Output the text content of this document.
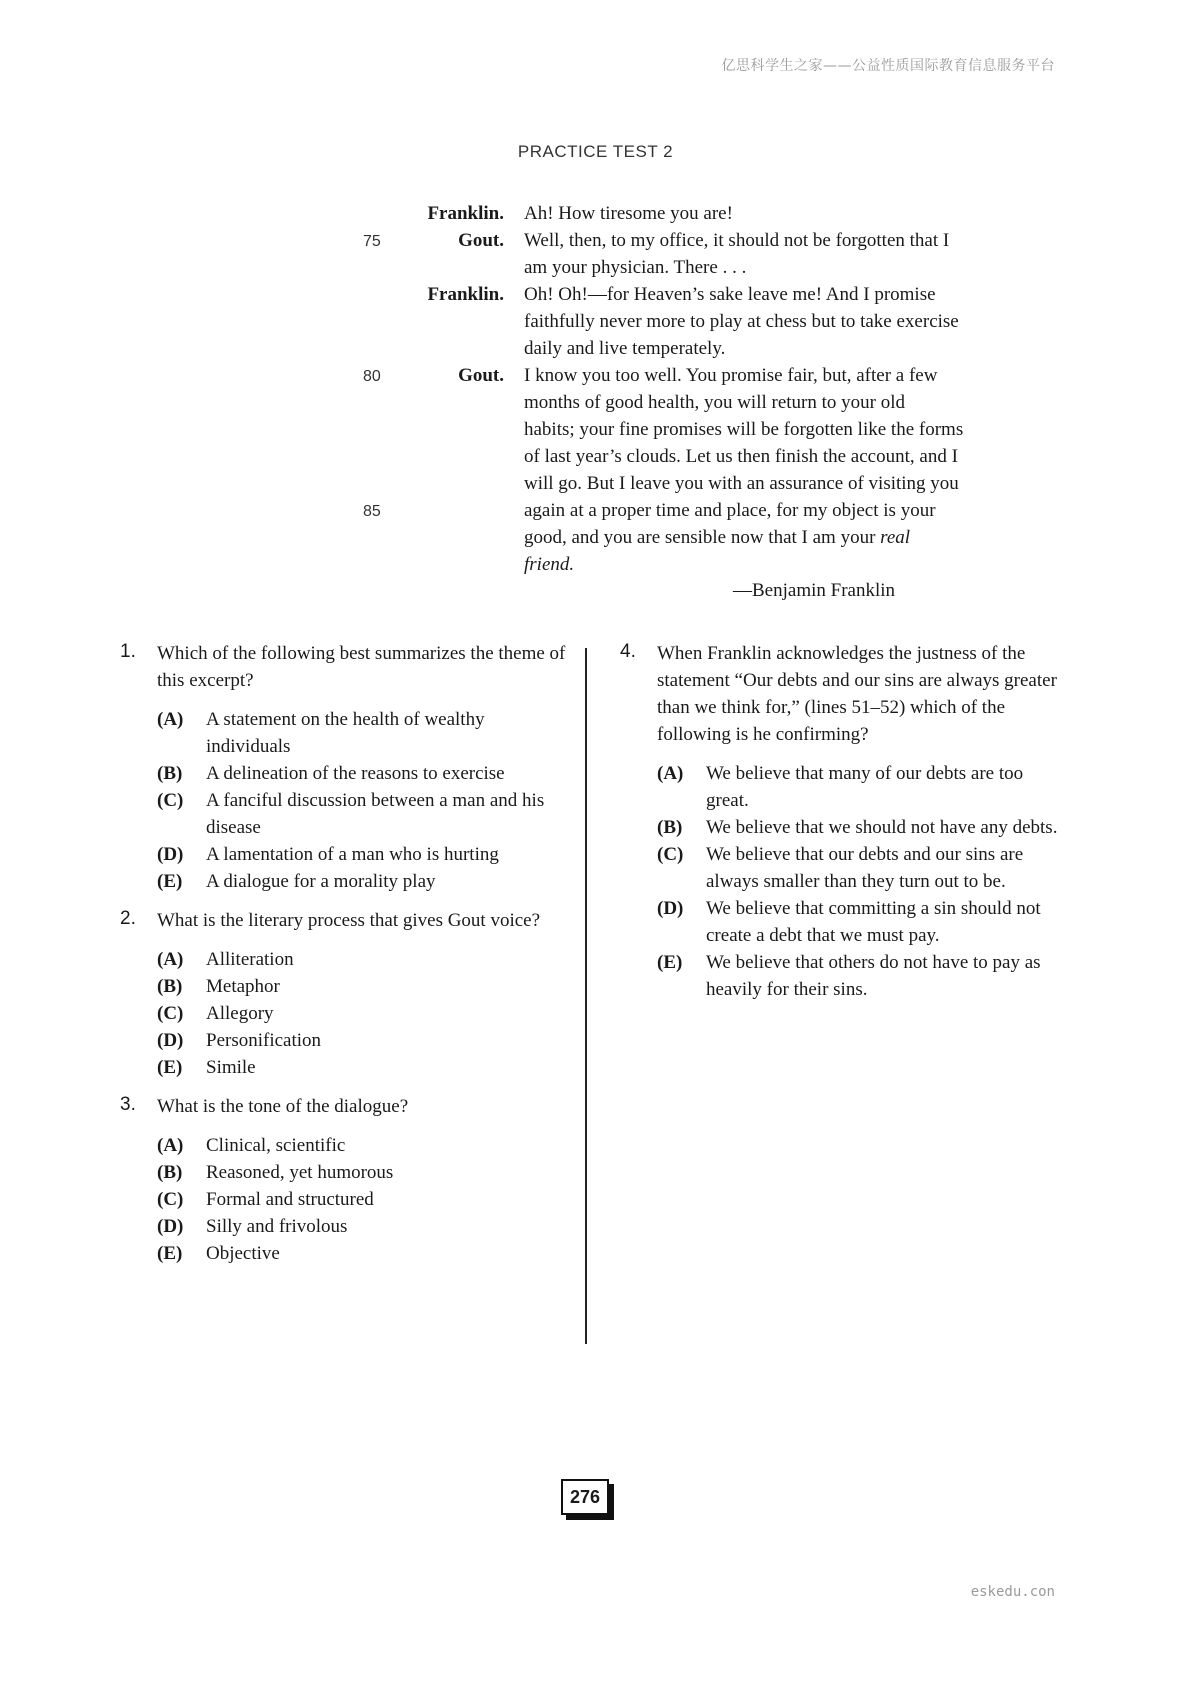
亿思科学生之家——公益性质国际教育信息服务平台
PRACTICE TEST 2
Franklin. Ah! How tiresome you are!
75	Gout. Well, then, to my office, it should not be forgotten that I
am your physician. There . . .
Franklin. Oh! Oh!—for Heaven’s sake leave me! And I promise
faithfully never more to play at chess but to take exercise
daily and live temperately.
80
85
Gout. I know you too well. You promise fair, but, after a few
months of good health, you will return to your old
habits; your fine promises will be forgotten like the forms
of last year’s clouds. Let us then finish the account, and I
will go. But I leave you with an assurance of visiting you
again at a proper time and place, for my object is your
good, and you are sensible now that I am your real
friend.
—Benjamin Franklin
1. Which of the following best summarizes the theme of this excerpt?
(A) A statement on the health of wealthy individuals
(B) A delineation of the reasons to exercise
(C) A fanciful discussion between a man and his disease
(D) A lamentation of a man who is hurting
(E) A dialogue for a morality play
2. What is the literary process that gives Gout voice?
(A) Alliteration
(B) Metaphor
(C) Allegory
(D) Personification
(E) Simile
3. What is the tone of the dialogue?
(A) Clinical, scientific
(B) Reasoned, yet humorous
(C) Formal and structured
(D) Silly and frivolous
(E) Objective
4. When Franklin acknowledges the justness of the statement “Our debts and our sins are always greater than we think for,” (lines 51–52) which of the following is he confirming?
(A) We believe that many of our debts are too great.
(B) We believe that we should not have any debts.
(C) We believe that our debts and our sins are always smaller than they turn out to be.
(D) We believe that committing a sin should not create a debt that we must pay.
(E) We believe that others do not have to pay as heavily for their sins.
276
eskedu.con
